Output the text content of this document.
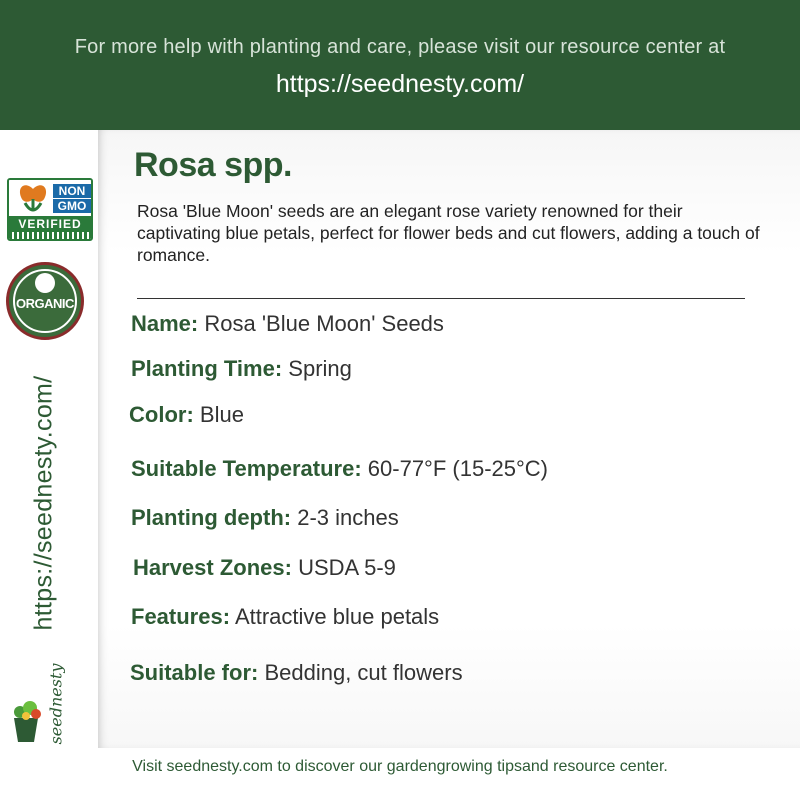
For more help with planting and care, please visit our resource center at
https://seednesty.com/
NON
GMO
VERIFIED
ORGANIC
https://seednesty.com/
seednesty
Rosa spp.
Rosa 'Blue Moon' seeds are an elegant rose variety renowned for their captivating blue petals, perfect for flower beds and cut flowers, adding a touch of romance.
Name: Rosa 'Blue Moon' Seeds
Planting Time: Spring
Color: Blue
Suitable Temperature: 60-77°F (15-25°C)
Planting depth: 2-3 inches
Harvest Zones: USDA 5-9
Features: Attractive blue petals
Suitable for: Bedding, cut flowers
Visit seednesty.com to discover our gardengrowing tipsand resource center.
